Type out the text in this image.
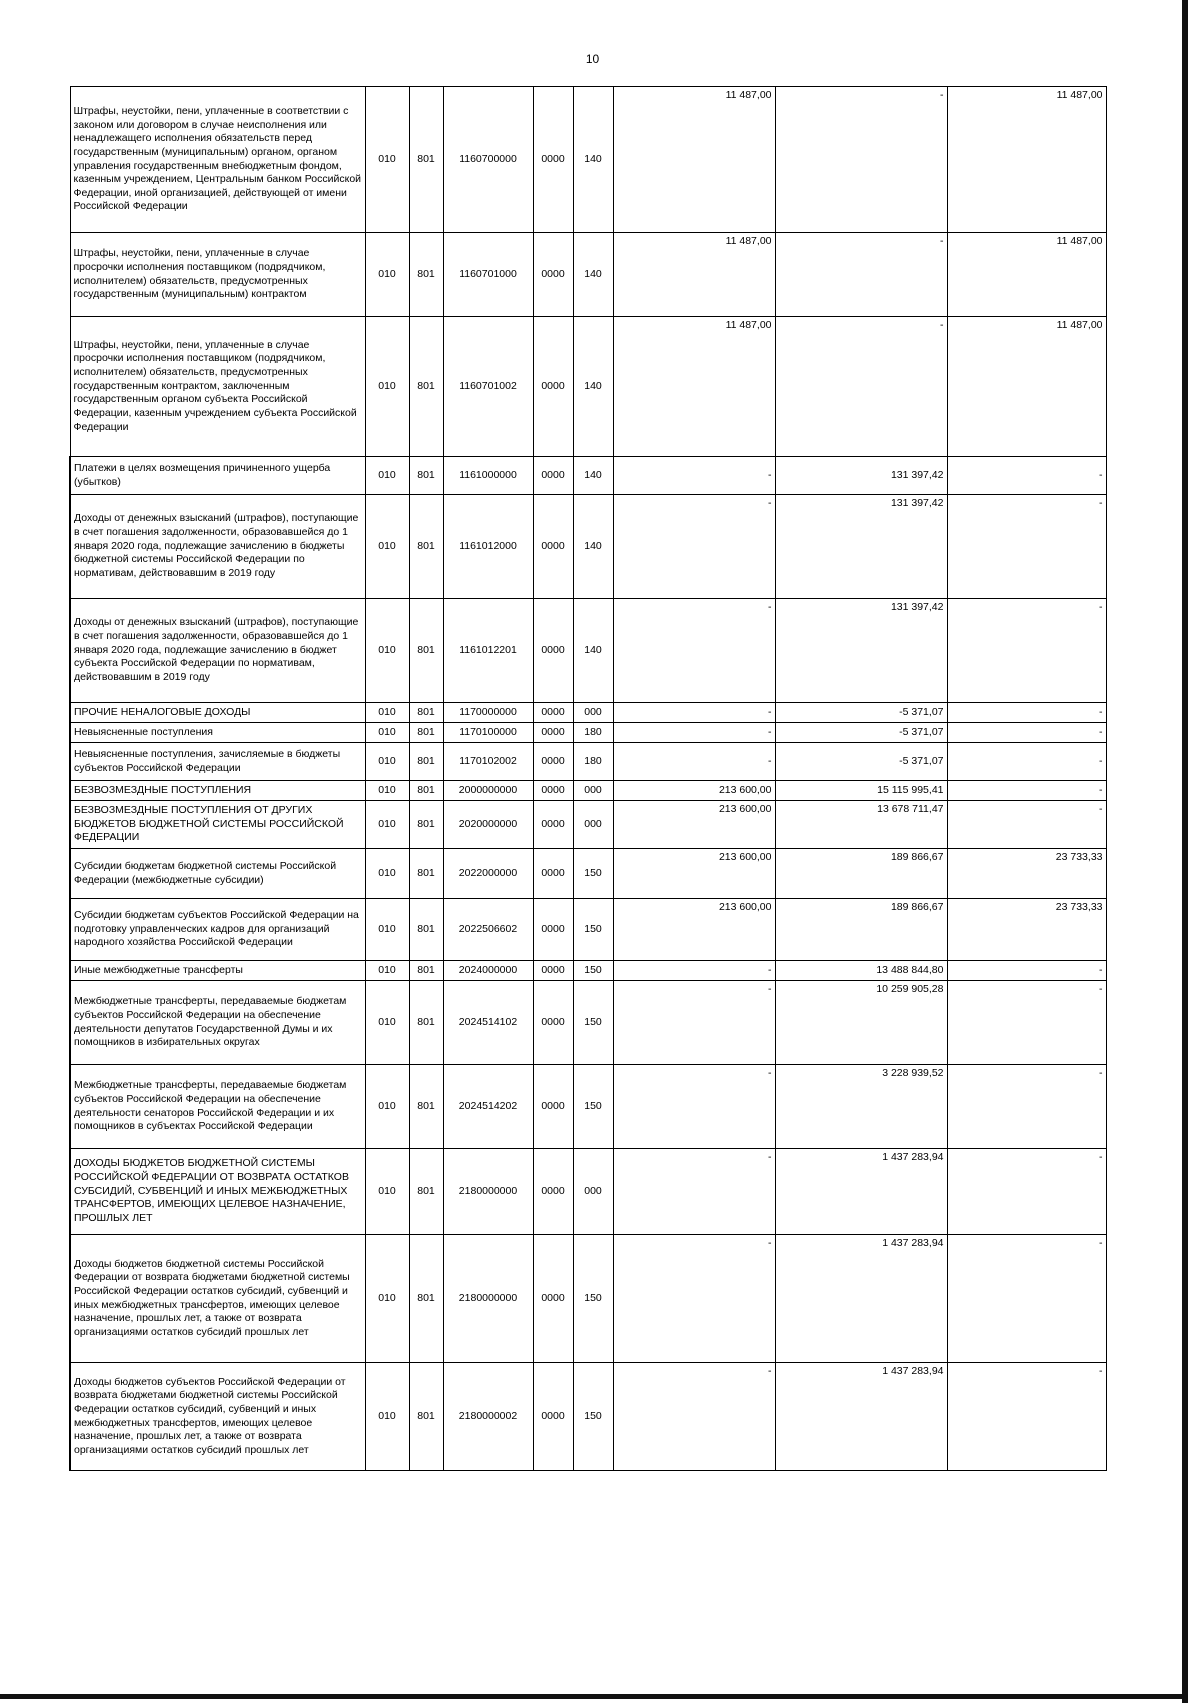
10
Штрафы, неустойки, пени, уплаченные в соответствии с законом или договором в случае неисполнения или ненадлежащего исполнения обязательств перед государственным (муниципальным) органом, органом управления государственным внебюджетным фондом, казенным учреждением, Центральным банком Российской Федерации, иной организацией, действующей от имени Российской Федерации	010	801	1160700000	0000	140	11 487,00	-	11 487,00
Штрафы, неустойки, пени, уплаченные в случае просрочки исполнения поставщиком (подрядчиком, исполнителем) обязательств, предусмотренных государственным (муниципальным) контрактом	010	801	1160701000	0000	140	11 487,00	-	11 487,00
Штрафы, неустойки, пени, уплаченные в случае просрочки исполнения поставщиком (подрядчиком, исполнителем) обязательств, предусмотренных государственным контрактом, заключенным государственным органом субъекта Российской Федерации, казенным учреждением субъекта Российской Федерации	010	801	1160701002	0000	140	11 487,00	-	11 487,00
Платежи в целях возмещения причиненного ущерба (убытков)	010	801	1161000000	0000	140	-	131 397,42	-
Доходы от денежных взысканий (штрафов), поступающие в счет погашения задолженности, образовавшейся до 1 января 2020 года, подлежащие зачислению в бюджеты бюджетной системы Российской Федерации по нормативам, действовавшим в 2019 году	010	801	1161012000	0000	140	-	131 397,42	-
Доходы от денежных взысканий (штрафов), поступающие в счет погашения задолженности, образовавшейся до 1 января 2020 года, подлежащие зачислению в бюджет субъекта Российской Федерации по нормативам, действовавшим в 2019 году	010	801	1161012201	0000	140	-	131 397,42	-
ПРОЧИЕ НЕНАЛОГОВЫЕ ДОХОДЫ	010	801	1170000000	0000	000	-	-5 371,07	-
Невыясненные поступления	010	801	1170100000	0000	180	-	-5 371,07	-
Невыясненные поступления, зачисляемые в бюджеты субъектов Российской Федерации	010	801	1170102002	0000	180	-	-5 371,07	-
БЕЗВОЗМЕЗДНЫЕ ПОСТУПЛЕНИЯ	010	801	2000000000	0000	000	213 600,00	15 115 995,41	-
БЕЗВОЗМЕЗДНЫЕ ПОСТУПЛЕНИЯ ОТ ДРУГИХ БЮДЖЕТОВ БЮДЖЕТНОЙ СИСТЕМЫ РОССИЙСКОЙ ФЕДЕРАЦИИ	010	801	2020000000	0000	000	213 600,00	13 678 711,47	-
Субсидии бюджетам бюджетной системы Российской Федерации (межбюджетные субсидии)	010	801	2022000000	0000	150	213 600,00	189 866,67	23 733,33
Субсидии бюджетам субъектов Российской Федерации на подготовку управленческих кадров для организаций народного хозяйства Российской Федерации	010	801	2022506602	0000	150	213 600,00	189 866,67	23 733,33
Иные межбюджетные трансферты	010	801	2024000000	0000	150	-	13 488 844,80	-
Межбюджетные трансферты, передаваемые бюджетам субъектов Российской Федерации на обеспечение деятельности депутатов Государственной Думы и их помощников в избирательных округах	010	801	2024514102	0000	150	-	10 259 905,28	-
Межбюджетные трансферты, передаваемые бюджетам субъектов Российской Федерации на обеспечение деятельности сенаторов Российской Федерации и их помощников в субъектах Российской Федерации	010	801	2024514202	0000	150	-	3 228 939,52	-
ДОХОДЫ БЮДЖЕТОВ БЮДЖЕТНОЙ СИСТЕМЫ РОССИЙСКОЙ ФЕДЕРАЦИИ ОТ ВОЗВРАТА ОСТАТКОВ СУБСИДИЙ, СУБВЕНЦИЙ И ИНЫХ МЕЖБЮДЖЕТНЫХ ТРАНСФЕРТОВ, ИМЕЮЩИХ ЦЕЛЕВОЕ НАЗНАЧЕНИЕ, ПРОШЛЫХ ЛЕТ	010	801	2180000000	0000	000	-	1 437 283,94	-
Доходы бюджетов бюджетной системы Российской Федерации от возврата бюджетами бюджетной системы Российской Федерации остатков субсидий, субвенций и иных межбюджетных трансфертов, имеющих целевое назначение, прошлых лет, а также от возврата организациями остатков субсидий прошлых лет	010	801	2180000000	0000	150	-	1 437 283,94	-
Доходы бюджетов субъектов Российской Федерации от возврата бюджетами бюджетной системы Российской Федерации остатков субсидий, субвенций и иных межбюджетных трансфертов, имеющих целевое назначение, прошлых лет, а также от возврата организациями остатков субсидий прошлых лет	010	801	2180000002	0000	150	-	1 437 283,94	-
